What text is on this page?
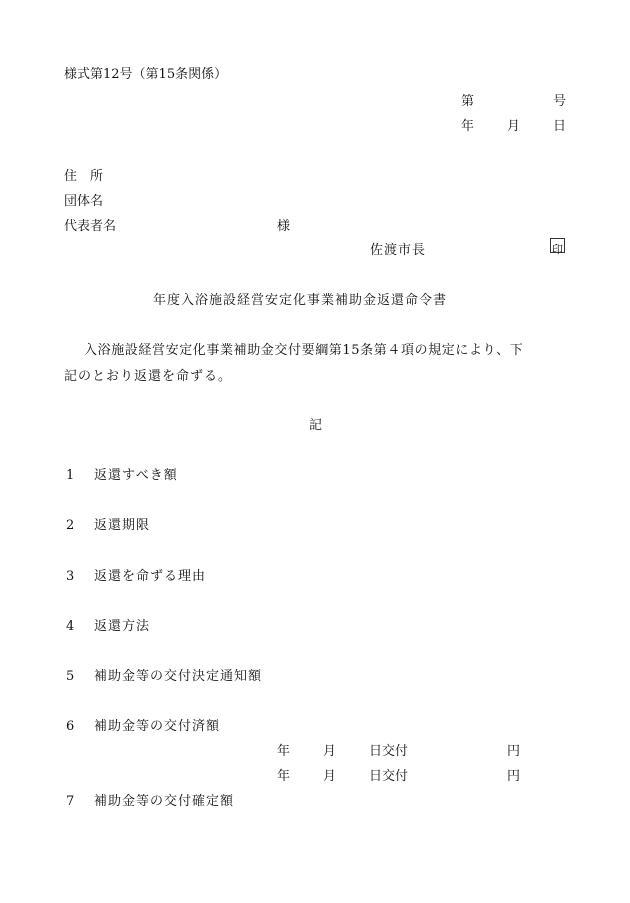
様式第12号（第15条関係）
第	号
年	月	日
住　所
団体名
代表者名	様
佐渡市長	印
年度入浴施設経営安定化事業補助金返還命令書
入浴施設経営安定化事業補助金交付要綱第15条第４項の規定により、下
記のとおり返還を命ずる。
記
1 返還すべき額
2 返還期限
3 返還を命ずる理由
4 返還方法
5 補助金等の交付決定通知額
6 補助金等の交付済額
年	月	日交付	円
年	月	日交付	円
7 補助金等の交付確定額
